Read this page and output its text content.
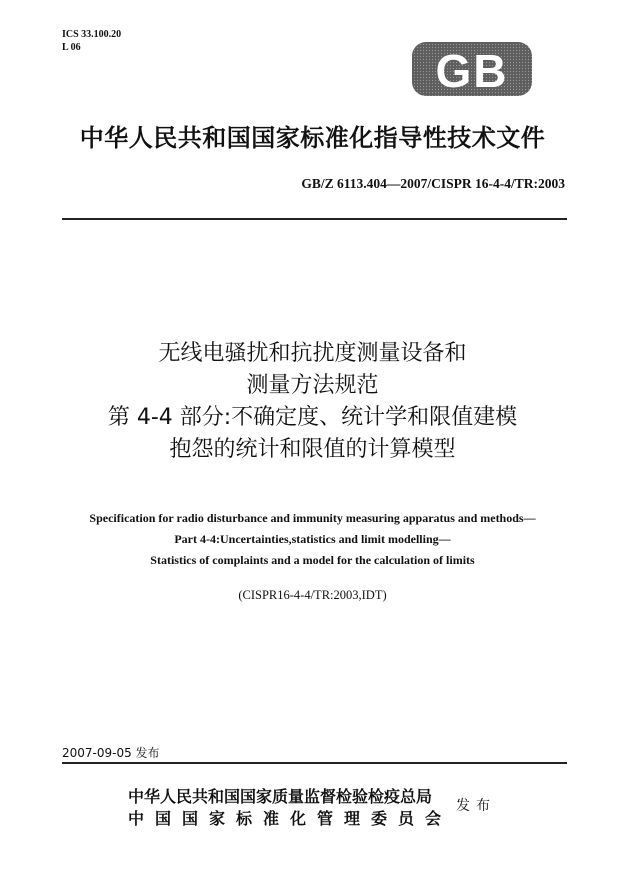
ICS 33.100.20
L 06	GB
中华人民共和国国家标准化指导性技术文件
GB/Z 6113.404—2007/CISPR 16-4-4/TR:2003
无线电骚扰和抗扰度测量设备和
测量方法规范
第 4-4 部分:不确定度、统计学和限值建模
抱怨的统计和限值的计算模型
Specification for radio disturbance and immunity measuring apparatus and methods—
Part 4-4:Uncertainties,statistics and limit modelling—
Statistics of complaints and a model for the calculation of limits
(CISPR16-4-4/TR:2003,IDT)
2007-09-05 发布
中华人民共和国国家质量监督检验检疫总局
中国国家标准化管理委员会
发布
